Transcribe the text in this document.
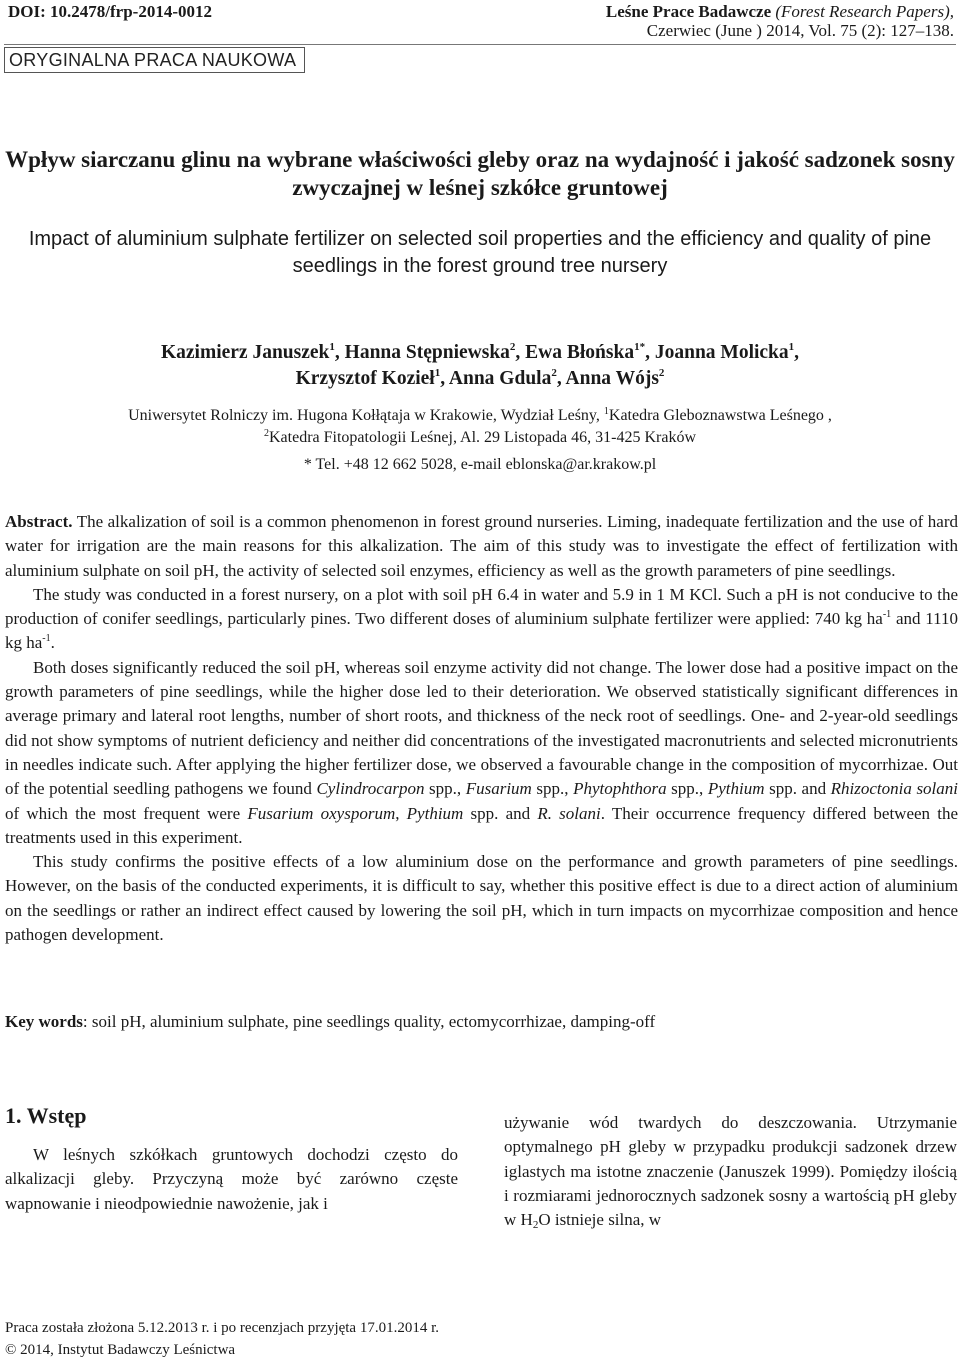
DOI: 10.2478/frp-2014-0012	Leśne Prace Badawcze (Forest Research Papers),
Czerwiec (June ) 2014, Vol. 75 (2): 127–138.
ORYGINALNA PRACA NAUKOWA
Wpływ siarczanu glinu na wybrane właściwości gleby oraz na wydajność i jakość sadzonek sosny zwyczajnej w leśnej szkółce gruntowej
Impact of aluminium sulphate fertilizer on selected soil properties and the efficiency and quality of pine seedlings in the forest ground tree nursery
Kazimierz Januszek$^1$, Hanna Stępniewska$^2$, Ewa Błońska$^{1*}$, Joanna Molicka$^1$,
Krzysztof Kozieł$^1$, Anna Gdula$^2$, Anna Wójs$^2$
Uniwersytet Rolniczy im. Hugona Kołłątaja w Krakowie, Wydział Leśny, $^1$Katedra Gleboznawstwa Leśnego ,
$^2$Katedra Fitopatologii Leśnej, Al. 29 Listopada 46, 31-425 Kraków
* Tel. +48 12 662 5028, e-mail eblonska@ar.krakow.pl

Abstract. The alkalization of soil is a common phenomenon in forest ground nurseries. Liming, inadequate fertilization and the use of hard water for irrigation are the main reasons for this alkalization. The aim of this study was to investigate the effect of fertilization with aluminium sulphate on soil pH, the activity of selected soil enzymes, efficiency as well as the growth parameters of pine seedlings.

The study was conducted in a forest nursery, on a plot with soil pH 6.4 in water and 5.9 in 1 M KCl. Such a pH is not conducive to the production of conifer seedlings, particularly pines. Two different doses of aluminium sulphate fertilizer were applied: 740 kg $ha^{-1}$ and 1110 kg $ha^{-1}$.

Both doses significantly reduced the soil pH, whereas soil enzyme activity did not change. The lower dose had a positive impact on the growth parameters of pine seedlings, while the higher dose led to their deterioration. We observed statistically significant differences in average primary and lateral root lengths, number of short roots, and thickness of the neck root of seedlings. One- and 2-year-old seedlings did not show symptoms of nutrient deficiency and neither did concentrations of the investigated macronutrients and selected micronutrients in needles indicate such. After applying the higher fertilizer dose, we observed a favourable change in the composition of mycorrhizae. Out of the potential seedling pathogens we found Cylindrocarpon spp., Fusarium spp., Phytophthora spp., Pythium spp. and Rhizoctonia solani of which the most frequent were Fusarium oxysporum, Pythium spp. and R. solani. Their occurrence frequency differed between the treatments used in this experiment.

This study confirms the positive effects of a low aluminium dose on the performance and growth parameters of pine seedlings. However, on the basis of the conducted experiments, it is difficult to say, whether this positive effect is due to a direct action of aluminium on the seedlings or rather an indirect effect caused by lowering the soil pH, which in turn impacts on mycorrhizae composition and hence pathogen development.

Key words: soil pH, aluminium sulphate, pine seedlings quality, ectomycorrhizae, damping-off
1. Wstęp
W leśnych szkółkach gruntowych dochodzi często do alkalizacji gleby. Przyczyną może być zarówno częste wapnowanie i nieodpowiednie nawożenie, jak i
używanie wód twardych do deszczowania. Utrzymanie optymalnego pH gleby w przypadku produkcji sadzonek drzew iglastych ma istotne znaczenie (Januszek 1999). Pomiędzy ilością i rozmiarami jednorocznych sadzonek sosny a wartością pH gleby w $H_2O$ istnieje silna, w
Praca została złożona 5.12.2013 r. i po recenzjach przyjęta 17.01.2014 r.
© 2014, Instytut Badawczy Leśnictwa
